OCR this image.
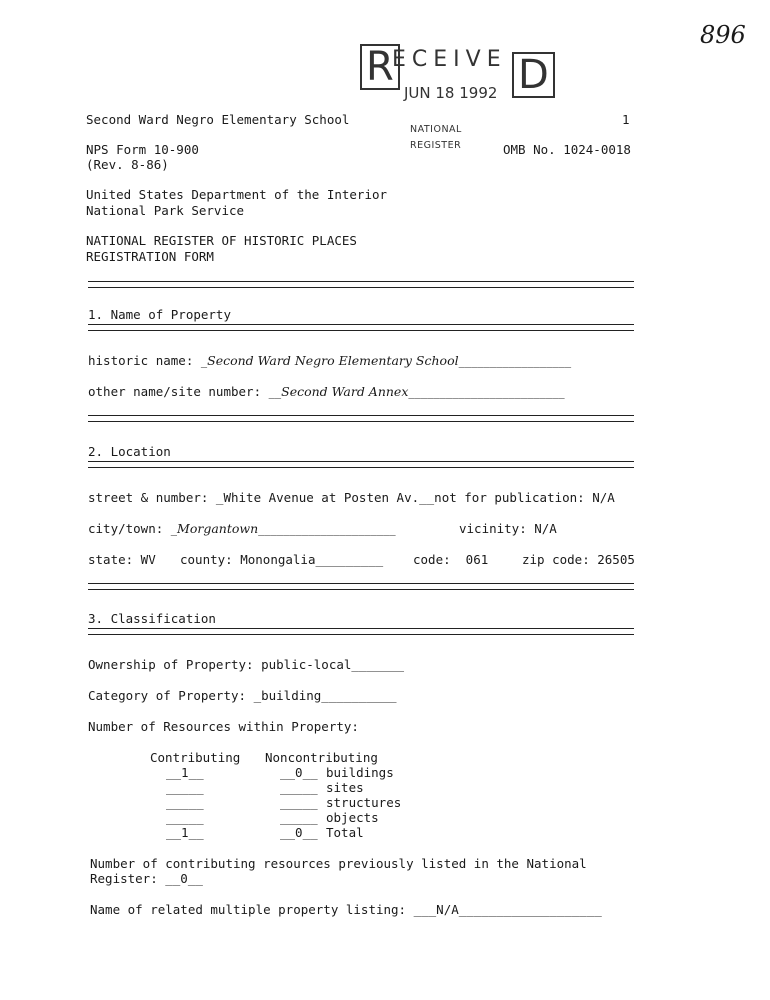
896
R
ECEIVE D
JUN 18 1992
NATIONAL
REGISTER
Second Ward Negro Elementary School	1
NPS Form 10-900	OMB No. 1024-0018
(Rev. 8-86)
United States Department of the Interior
National Park Service
NATIONAL REGISTER OF HISTORIC PLACES
REGISTRATION FORM
1. Name of Property
historic name: _Second Ward Negro Elementary School__________________
other name/site number: __Second Ward Annex_________________________
2. Location
street & number: _White Avenue at Posten Av.__not for publication: N/A
city/town: _Morgantown______________________	vicinity: N/A
state: WV county: Monongalia_________ code:  061	zip code: 26505
3. Classification
Ownership of Property: public-local_______
Category of Property: _building__________
Number of Resources within Property:
Contributing Noncontributing
__1__	__0__ buildings
_____	_____ sites
_____	_____ structures
_____	_____ objects
__1__	__0__ Total
Number of contributing resources previously listed in the National
Register: __0__
Name of related multiple property listing: ___N/A___________________
